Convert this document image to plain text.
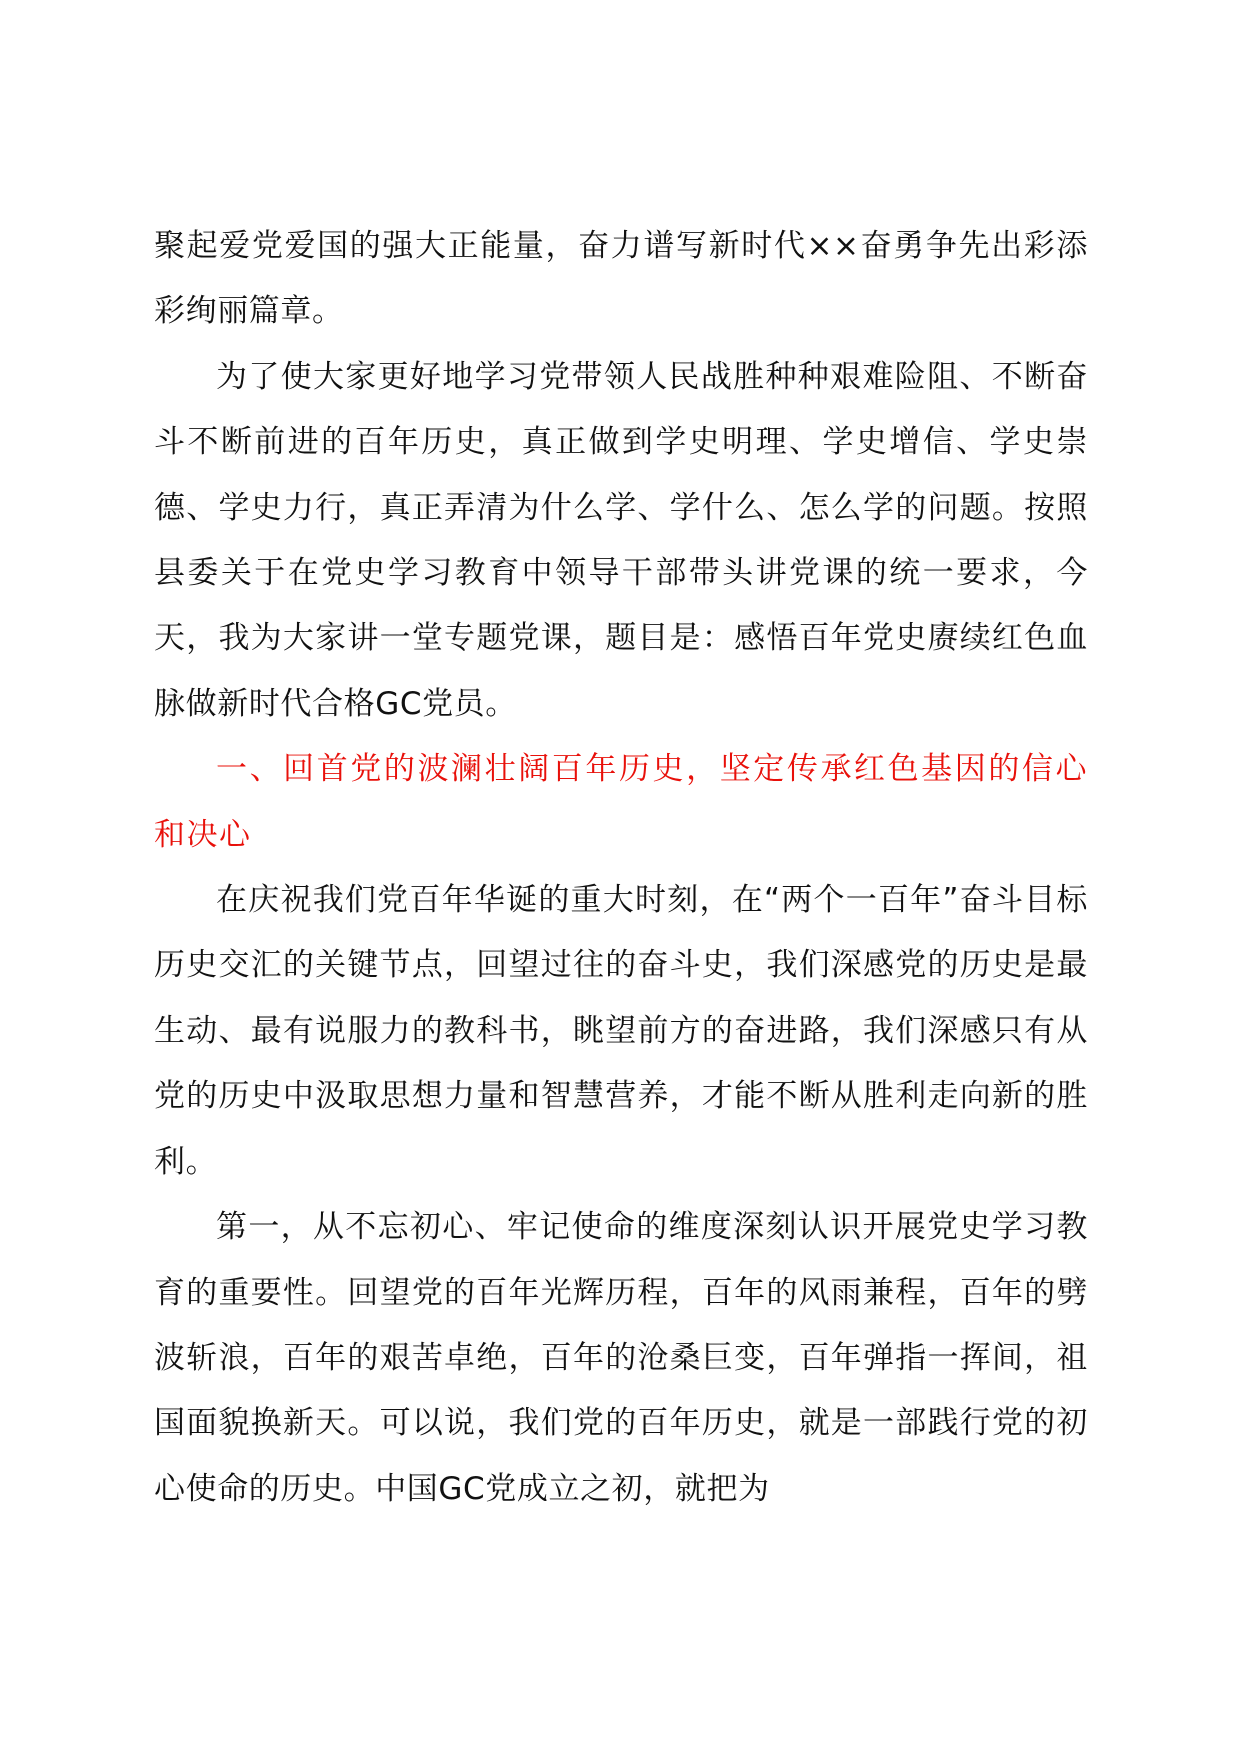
聚起爱党爱国的强大正能量，奋力谱写新时代××奋勇争先出彩添彩绚丽篇章。

为了使大家更好地学习党带领人民战胜种种艰难险阻、不断奋斗不断前进的百年历史，真正做到学史明理、学史增信、学史崇德、学史力行，真正弄清为什么学、学什么、怎么学的问题。按照县委关于在党史学习教育中领导干部带头讲党课的统一要求，今天，我为大家讲一堂专题党课，题目是：感悟百年党史赓续红色血脉做新时代合格GC党员。

一、回首党的波澜壮阔百年历史，坚定传承红色基因的信心和决心

在庆祝我们党百年华诞的重大时刻，在“两个一百年”奋斗目标历史交汇的关键节点，回望过往的奋斗史，我们深感党的历史是最生动、最有说服力的教科书，眺望前方的奋进路，我们深感只有从党的历史中汲取思想力量和智慧营养，才能不断从胜利走向新的胜利。

第一，从不忘初心、牢记使命的维度深刻认识开展党史学习教育的重要性。回望党的百年光辉历程，百年的风雨兼程，百年的劈波斩浪，百年的艰苦卓绝，百年的沧桑巨变，百年弹指一挥间，祖国面貌换新天。可以说，我们党的百年历史，就是一部践行党的初心使命的历史。中国GC党成立之初，就把为
